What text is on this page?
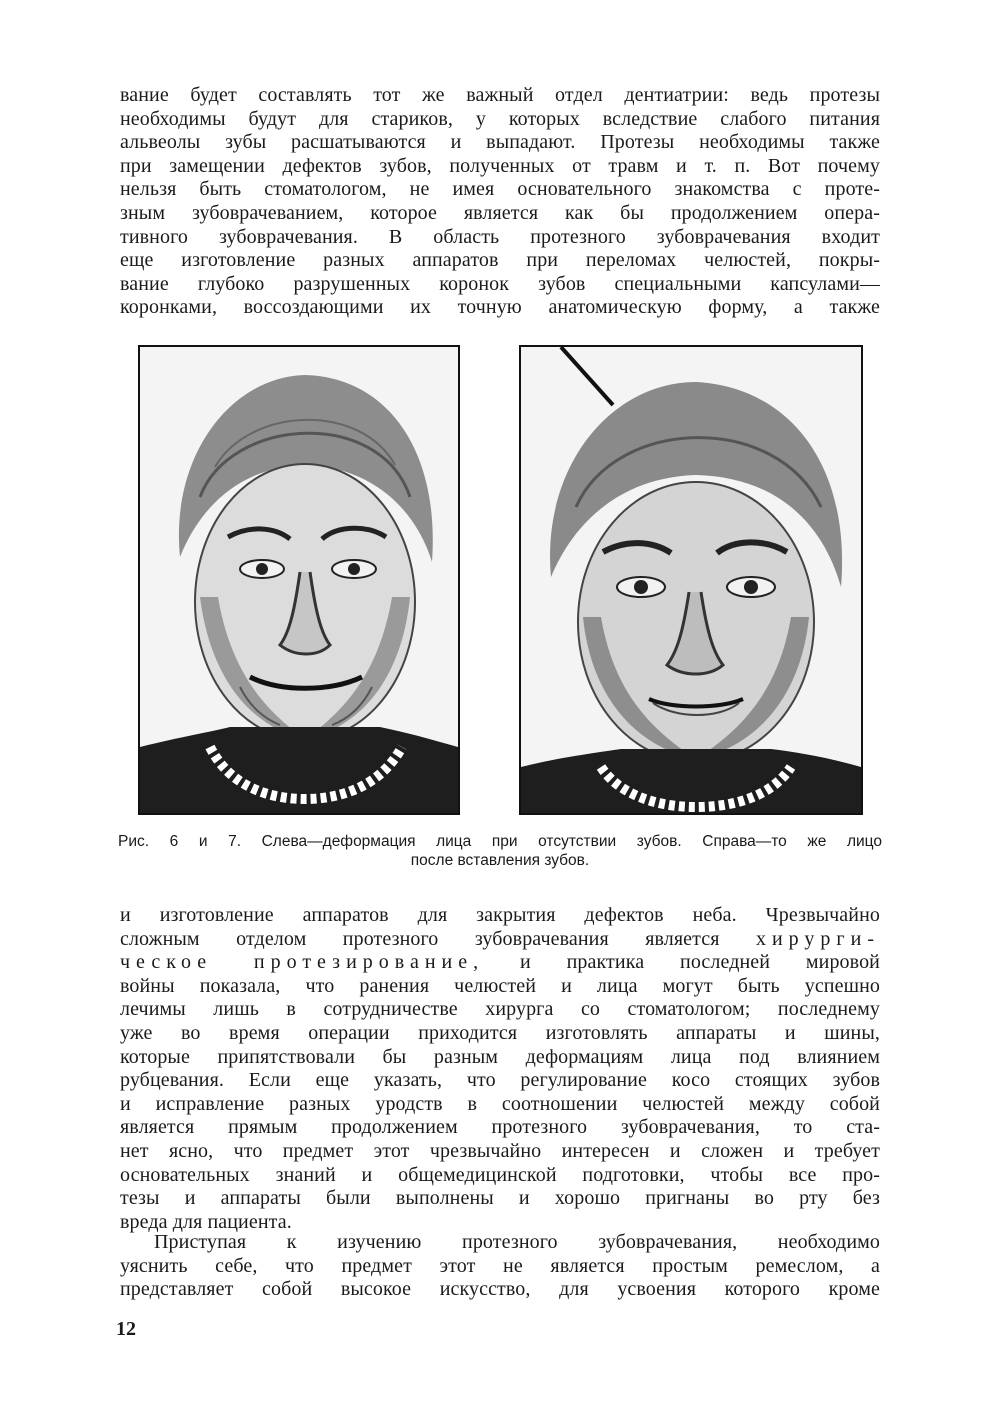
вание будет составлять тот же важный отдел дентиатрии: ведь протезы
необходимы будут для стариков, у которых вследствие слабого питания
альвеолы зубы расшатываются и выпадают. Протезы необходимы также
при замещении дефектов зубов, полученных от травм и т. п. Вот почему
нельзя быть стоматологом, не имея основательного знакомства с проте-
зным зубоврачеванием, которое является как бы продолжением опера-
тивного зубоврачевания. В область протезного зубоврачевания входит
еще изготовление разных аппаратов при переломах челюстей, покры-
вание глубоко разрушенных коронок зубов специальными капсулами—
коронками, воссоздающими их точную анатомическую форму, а также
Рис. 6 и 7. Слева—деформация лица при отсутствии зубов. Справа—то же лицо
после вставления зубов.
и изготовление аппаратов для закрытия дефектов неба. Чрезвычайно
сложным отделом протезного зубоврачевания является хирурги-
ческое протезирование, и практика последней мировой
войны показала, что ранения челюстей и лица могут быть успешно
лечимы лишь в сотрудничестве хирурга со стоматологом; последнему
уже во время операции приходится изготовлять аппараты и шины,
которые припятствовали бы разным деформациям лица под влиянием
рубцевания. Если еще указать, что регулирование косо стоящих зубов
и исправление разных уродств в соотношении челюстей между собой
является прямым продолжением протезного зубоврачевания, то ста-
нет ясно, что предмет этот чрезвычайно интересен и сложен и требует
основательных знаний и общемедицинской подготовки, чтобы все про-
тезы и аппараты были выполнены и хорошо пригнаны во рту без
вреда для пациента.
Приступая к изучению протезного зубоврачевания, необходимо
уяснить себе, что предмет этот не является простым ремеслом, а
представляет собой высокое искусство, для усвоения которого кроме
12
